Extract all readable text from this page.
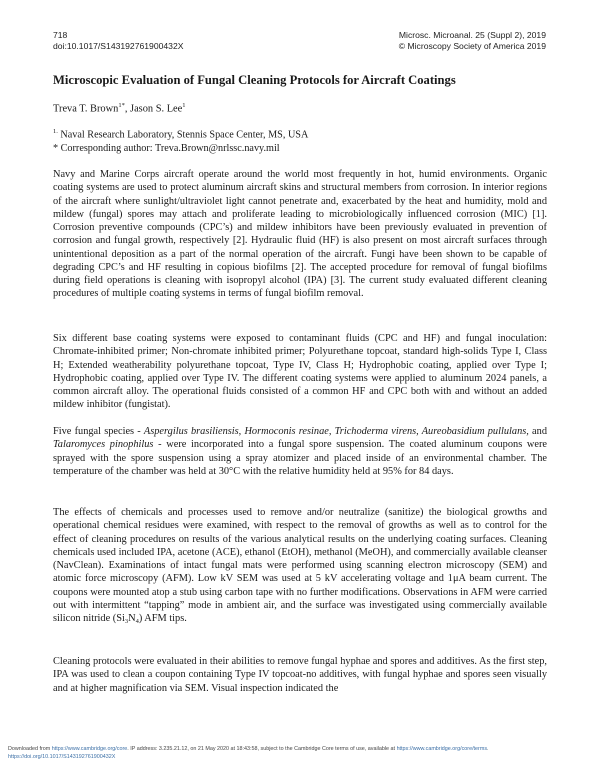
718
doi:10.1017/S143192761900432X
Microsc. Microanal. 25 (Suppl 2), 2019
© Microscopy Society of America 2019
Microscopic Evaluation of Fungal Cleaning Protocols for Aircraft Coatings
Treva T. Brown$^{1*}$, Jason S. Lee$^1$
$^{1.}$ Naval Research Laboratory, Stennis Space Center, MS, USA
* Corresponding author: Treva.Brown@nrlssc.navy.mil
Navy and Marine Corps aircraft operate around the world most frequently in hot, humid environments. Organic coating systems are used to protect aluminum aircraft skins and structural members from corrosion. In interior regions of the aircraft where sunlight/ultraviolet light cannot penetrate and, exacerbated by the heat and humidity, mold and mildew (fungal) spores may attach and proliferate leading to microbiologically influenced corrosion (MIC) [1]. Corrosion preventive compounds (CPC’s) and mildew inhibitors have been previously evaluated in prevention of corrosion and fungal growth, respectively [2]. Hydraulic fluid (HF) is also present on most aircraft surfaces through unintentional deposition as a part of the normal operation of the aircraft. Fungi have been shown to be capable of degrading CPC’s and HF resulting in copious biofilms [2]. The accepted procedure for removal of fungal biofilms during field operations is cleaning with isopropyl alcohol (IPA) [3]. The current study evaluated different cleaning procedures of multiple coating systems in terms of fungal biofilm removal.
Six different base coating systems were exposed to contaminant fluids (CPC and HF) and fungal inoculation: Chromate-inhibited primer; Non-chromate inhibited primer; Polyurethane topcoat, standard high-solids Type I, Class H; Extended weatherability polyurethane topcoat, Type IV, Class H; Hydrophobic coating, applied over Type I; Hydrophobic coating, applied over Type IV. The different coating systems were applied to aluminum 2024 panels, a common aircraft alloy. The operational fluids consisted of a common HF and CPC both with and without an added mildew inhibitor (fungistat).
Five fungal species - Aspergilus brasiliensis, Hormoconis resinae, Trichoderma virens, Aureobasidium pullulans, and Talaromyces pinophilus - were incorporated into a fungal spore suspension. The coated aluminum coupons were sprayed with the spore suspension using a spray atomizer and placed inside of an environmental chamber. The temperature of the chamber was held at 30°C with the relative humidity held at 95% for 84 days.
The effects of chemicals and processes used to remove and/or neutralize (sanitize) the biological growths and operational chemical residues were examined, with respect to the removal of growths as well as to control for the effect of cleaning procedures on results of the various analytical results on the underlying coating surfaces. Cleaning chemicals used included IPA, acetone (ACE), ethanol (EtOH), methanol (MeOH), and commercially available cleanser (NavClean). Examinations of intact fungal mats were performed using scanning electron microscopy (SEM) and atomic force microscopy (AFM). Low kV SEM was used at 5 kV accelerating voltage and 1μA beam current. The coupons were mounted atop a stub using carbon tape with no further modifications. Observations in AFM were carried out with intermittent “tapping” mode in ambient air, and the surface was investigated using commercially available silicon nitride $(Si_3N_4)$ AFM tips.
Cleaning protocols were evaluated in their abilities to remove fungal hyphae and spores and additives. As the first step, IPA was used to clean a coupon containing Type IV topcoat-no additives, with fungal hyphae and spores seen visually and at higher magnification via SEM. Visual inspection indicated the
Downloaded from https://www.cambridge.org/core. IP address: 3.235.21.12, on 21 May 2020 at 18:43:58, subject to the Cambridge Core terms of use, available at https://www.cambridge.org/core/terms.
https://doi.org/10.1017/S143192761900432X
